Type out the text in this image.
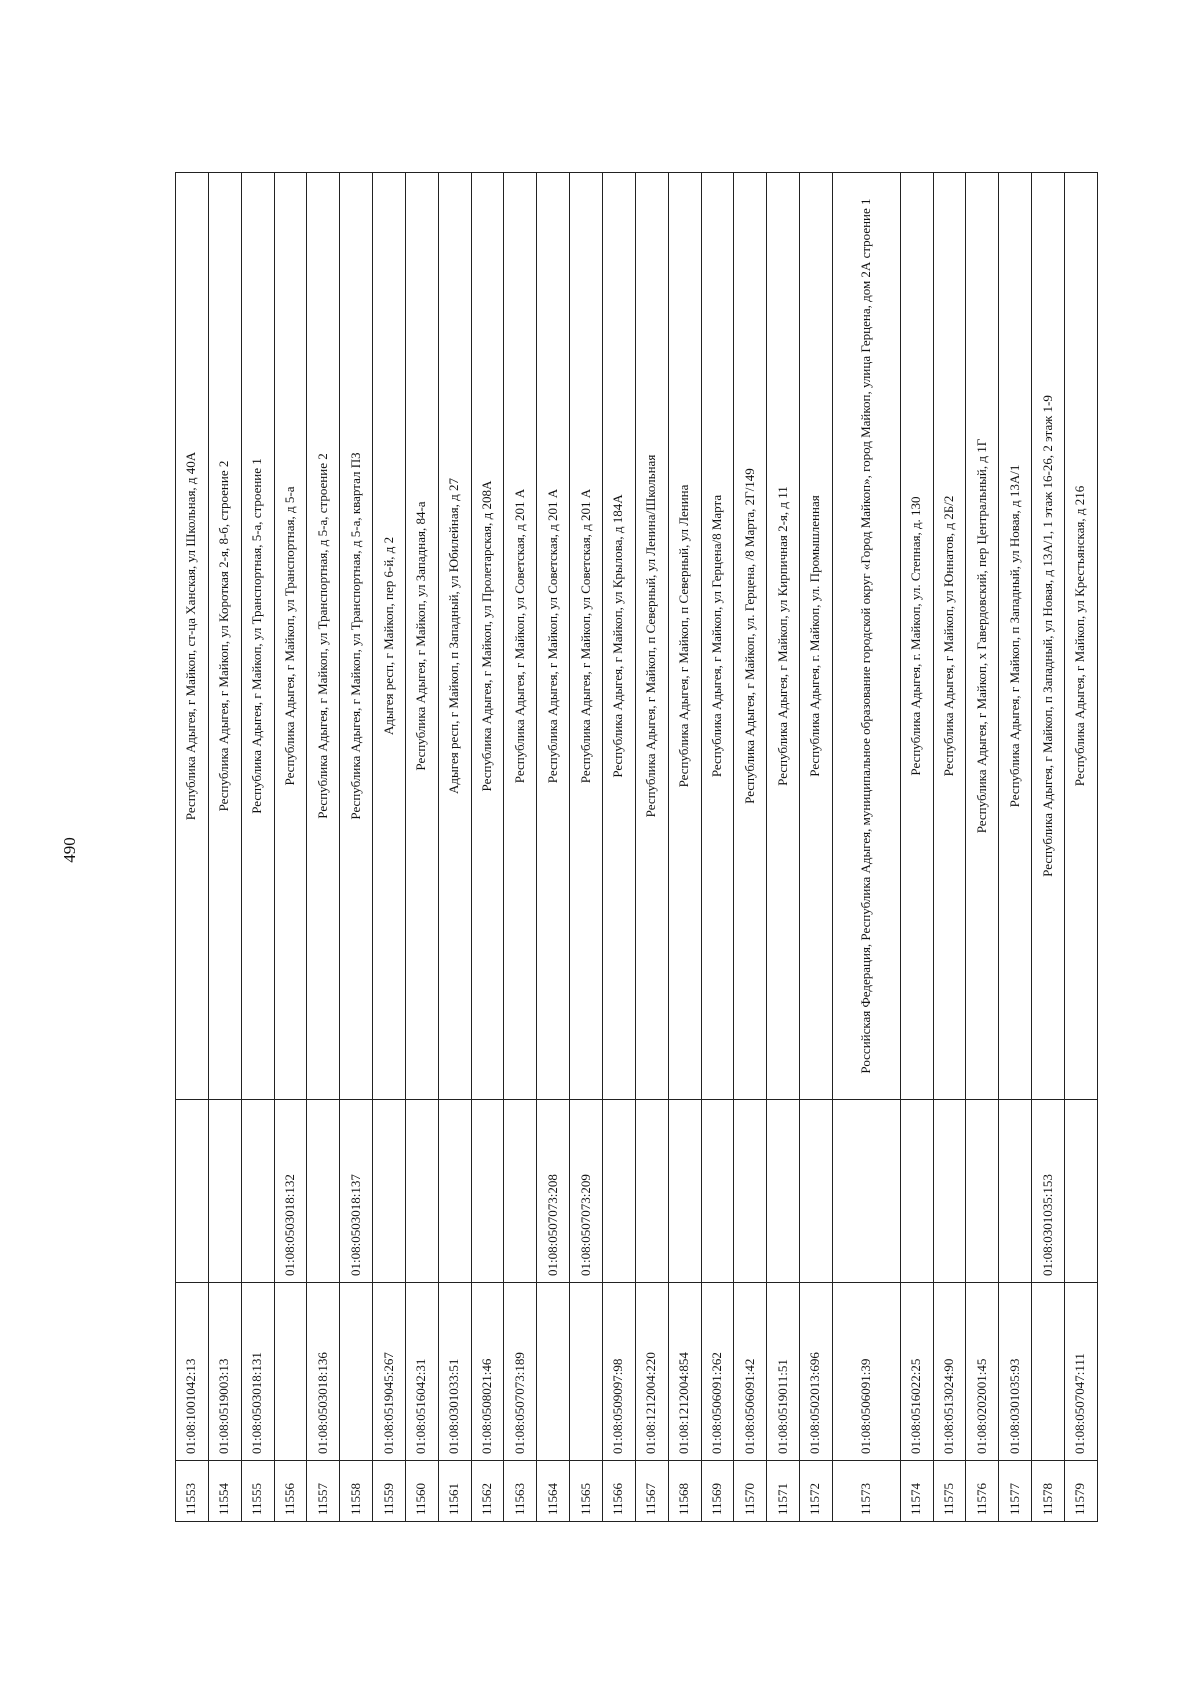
490
11553	01:08:1001042:13		Республика Адыгея, г Майкоп, ст-ца Ханская, ул Школьная, д 40А
11554	01:08:0519003:13		Республика Адыгея, г Майкоп, ул Короткая 2-я, 8-б, строение 2
11555	01:08:0503018:131		Республика Адыгея, г Майкоп, ул Транспортная, 5-а, строение 1
11556		01:08:0503018:132	Республика Адыгея, г Майкоп, ул Транспортная, д 5-а
11557	01:08:0503018:136		Республика Адыгея, г Майкоп, ул Транспортная, д 5-а, строение 2
11558		01:08:0503018:137	Республика Адыгея, г Майкоп, ул Транспортная, д 5-а, квартал ПЗ
11559	01:08:0519045:267		Адыгея респ, г Майкоп, пер 6-й, д 2
11560	01:08:0516042:31		Республика Адыгея, г Майкоп, ул Западная, 84-а
11561	01:08:0301033:51		Адыгея респ, г Майкоп, п Западный, ул Юбилейная, д 27
11562	01:08:0508021:46		Республика Адыгея, г Майкоп, ул Пролетарская, д 208А
11563	01:08:0507073:189		Республика Адыгея, г Майкоп, ул Советская, д 201 А
11564		01:08:0507073:208	Республика Адыгея, г Майкоп, ул Советская, д 201 А
11565		01:08:0507073:209	Республика Адыгея, г Майкоп, ул Советская, д 201 А
11566	01:08:0509097:98		Республика Адыгея, г Майкоп, ул Крылова, д 184А
11567	01:08:1212004:220		Республика Адыгея, г Майкоп, п Северный, ул Ленина/Школьная
11568	01:08:1212004:854		Республика Адыгея, г Майкоп, п Северный, ул Ленина
11569	01:08:0506091:262		Республика Адыгея, г Майкоп, ул Герцена/8 Марта
11570	01:08:0506091:42		Республика Адыгея, г Майкоп, ул. Герцена, /8 Марта, 2Г/149
11571	01:08:0519011:51		Республика Адыгея, г Майкоп, ул Кирпичная 2-я, д 11
11572	01:08:0502013:696		Республика Адыгея, г. Майкоп, ул. Промышленная
11573	01:08:0506091:39		Российская Федерация, Республика Адыгея, муниципальное образование городской округ «Город Майкоп», город Майкоп, улица Герцена, дом 2А строение 1
11574	01:08:0516022:25		Республика Адыгея, г. Майкоп, ул. Степная, д. 130
11575	01:08:0513024:90		Республика Адыгея, г Майкоп, ул Юннатов, д 2Б/2
11576	01:08:0202001:45		Республика Адыгея, г Майкоп, х Гавердовский, пер Центральный, д 1Г
11577	01:08:0301035:93		Республика Адыгея, г Майкоп, п Западный, ул Новая, д 13А/1
11578		01:08:0301035:153	Республика Адыгея, г Майкоп, п Западный, ул Новая, д 13А/1, 1 этаж 16-26, 2 этаж 1-9
11579	01:08:0507047:111		Республика Адыгея, г Майкоп, ул Крестьянская, д 216
